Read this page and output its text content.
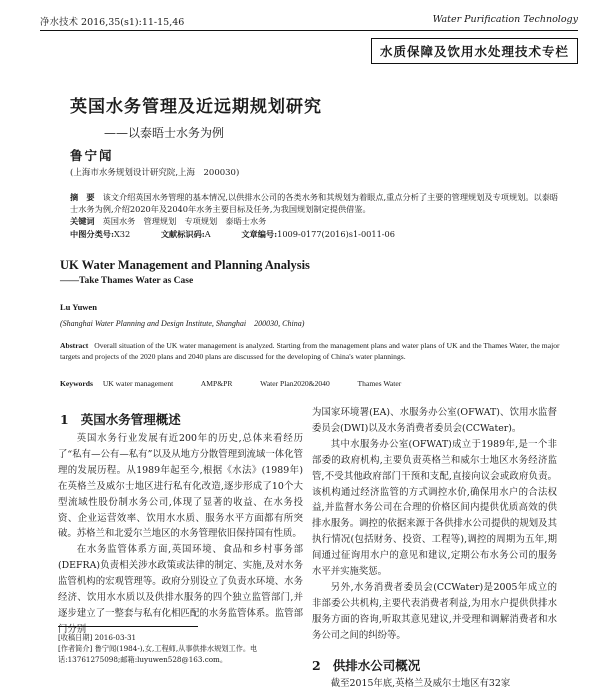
净水技术 2016,35(s1):11-15,46	Water Purification Technology
水质保障及饮用水处理技术专栏
英国水务管理及近远期规划研究
——以泰晤士水务为例
鲁宁闻
(上海市水务规划设计研究院,上海　200030)
摘　要 该文介绍英国水务管理的基本情况,以供排水公司的各类水务和其规划为着眼点,重点分析了主要的管理规划及专项规划。以泰晤士水务为例,介绍2020年及2040年水务主要目标及任务,为我国规划制定提供借鉴。
关键词 英国水务　管理规划　专项规划　泰晤士水务
中图分类号:X32	文献标识码:A	文章编号:1009-0177(2016)s1-0011-06
UK Water Management and Planning Analysis
——Take Thames Water as Case
Lu Yuwen
(Shanghai Water Planning and Design Institute, Shanghai　200030, China)
Abstract Overall situation of the UK water management is analyzed. Starting from the management plans and water plans of UK and the Thames Water, the major targets and projects of the 2020 plans and 2040 plans are discussed for the developing of China's water plannings.
Keywords UK water management	AMP&PR	Water Plan2020&2040	Thames Water
1 英国水务管理概述

英国水务行业发展有近200年的历史,总体来看经历了“私有—公有—私有”以及从地方分散管理到流域一体化管理的发展历程。从1989年起至今,根据《水法》(1989年)在英格兰及威尔士地区进行私有化改造,逐步形成了10个大型流域性股份制水务公司,体现了显著的收益、在水务投资、企业运营效率、饮用水水质、服务水平方面都有所突破。苏格兰和北爱尔兰地区的水务管理依旧保持国有性质。

在水务监管体系方面,英国环境、食品和乡村事务部(DEFRA)负责相关涉水政策或法律的制定、实施,及对水务监管机构的宏观管理等。政府分别设立了负责水环境、水务经济、饮用水水质以及供排水服务的四个独立监管部门,并逐步建立了一整套与私有化相匹配的水务监管体系。监管部门分别

[收稿日期] 2016-03-31
[作者简介] 鲁宁闻(1984-),女,工程师,从事供排水规划工作。电话:13761275098;邮箱:luyuwen528@163.com。

为国家环境署(EA)、水服务办公室(OFWAT)、饮用水监督委员会(DWI)以及水务消费者委员会(CCWater)。

其中水服务办公室(OFWAT)成立于1989年,是一个非部委的政府机构,主要负责英格兰和威尔士地区水务经济监管,不受其他政府部门干预和支配,直接向议会或政府负责。该机构通过经济监管的方式调控水价,确保用水户的合法权益,并监督水务公司在合理的价格区间内提供优质高效的供排水服务。调控的依据来源于各供排水公司提供的规划及其执行情况(包括财务、投资、工程等),调控的周期为五年,期间通过征询用水户的意见和建议,定期公布水务公司的服务水平并实施奖惩。

另外,水务消费者委员会(CCWater)是2005年成立的非部委公共机构,主要代表消费者利益,为用水户提供供排水服务方面的咨询,听取其意见建议,并受理和调解消费者和水务公司之间的纠纷等。

2 供排水公司概况

截至2015年底,英格兰及威尔士地区有32家
